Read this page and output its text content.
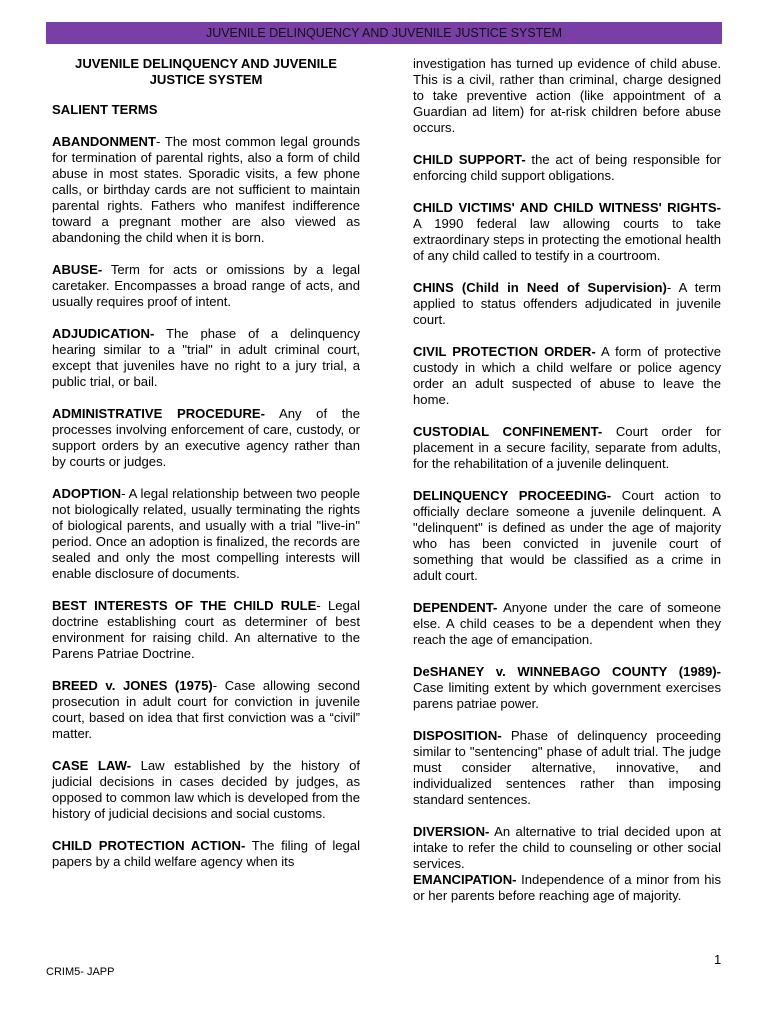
JUVENILE DELINQUENCY AND JUVENILE JUSTICE SYSTEM
JUVENILE DELINQUENCY AND JUVENILE JUSTICE SYSTEM
SALIENT TERMS
ABANDONMENT- The most common legal grounds for termination of parental rights, also a form of child abuse in most states. Sporadic visits, a few phone calls, or birthday cards are not sufficient to maintain parental rights. Fathers who manifest indifference toward a pregnant mother are also viewed as abandoning the child when it is born.
ABUSE- Term for acts or omissions by a legal caretaker. Encompasses a broad range of acts, and usually requires proof of intent.
ADJUDICATION- The phase of a delinquency hearing similar to a "trial" in adult criminal court, except that juveniles have no right to a jury trial, a public trial, or bail.
ADMINISTRATIVE PROCEDURE- Any of the processes involving enforcement of care, custody, or support orders by an executive agency rather than by courts or judges.
ADOPTION- A legal relationship between two people not biologically related, usually terminating the rights of biological parents, and usually with a trial "live-in" period. Once an adoption is finalized, the records are sealed and only the most compelling interests will enable disclosure of documents.
BEST INTERESTS OF THE CHILD RULE- Legal doctrine establishing court as determiner of best environment for raising child. An alternative to the Parens Patriae Doctrine.
BREED v. JONES (1975)- Case allowing second prosecution in adult court for conviction in juvenile court, based on idea that first conviction was a “civil” matter.
CASE LAW- Law established by the history of judicial decisions in cases decided by judges, as opposed to common law which is developed from the history of judicial decisions and social customs.
CHILD PROTECTION ACTION- The filing of legal papers by a child welfare agency when its
investigation has turned up evidence of child abuse. This is a civil, rather than criminal, charge designed to take preventive action (like appointment of a Guardian ad litem) for at-risk children before abuse occurs.
CHILD SUPPORT- the act of being responsible for enforcing child support obligations.
CHILD VICTIMS' AND CHILD WITNESS' RIGHTS- A 1990 federal law allowing courts to take extraordinary steps in protecting the emotional health of any child called to testify in a courtroom.
CHINS (Child in Need of Supervision)- A term applied to status offenders adjudicated in juvenile court.
CIVIL PROTECTION ORDER- A form of protective custody in which a child welfare or police agency order an adult suspected of abuse to leave the home.
CUSTODIAL CONFINEMENT- Court order for placement in a secure facility, separate from adults, for the rehabilitation of a juvenile delinquent.
DELINQUENCY PROCEEDING- Court action to officially declare someone a juvenile delinquent. A "delinquent" is defined as under the age of majority who has been convicted in juvenile court of something that would be classified as a crime in adult court.
DEPENDENT- Anyone under the care of someone else. A child ceases to be a dependent when they reach the age of emancipation.
DeSHANEY v. WINNEBAGO COUNTY (1989)- Case limiting extent by which government exercises parens patriae power.
DISPOSITION- Phase of delinquency proceeding similar to "sentencing" phase of adult trial. The judge must consider alternative, innovative, and individualized sentences rather than imposing standard sentences.
DIVERSION- An alternative to trial decided upon at intake to refer the child to counseling or other social services.
EMANCIPATION- Independence of a minor from his or her parents before reaching age of majority.
1
CRIM5- JAPP
